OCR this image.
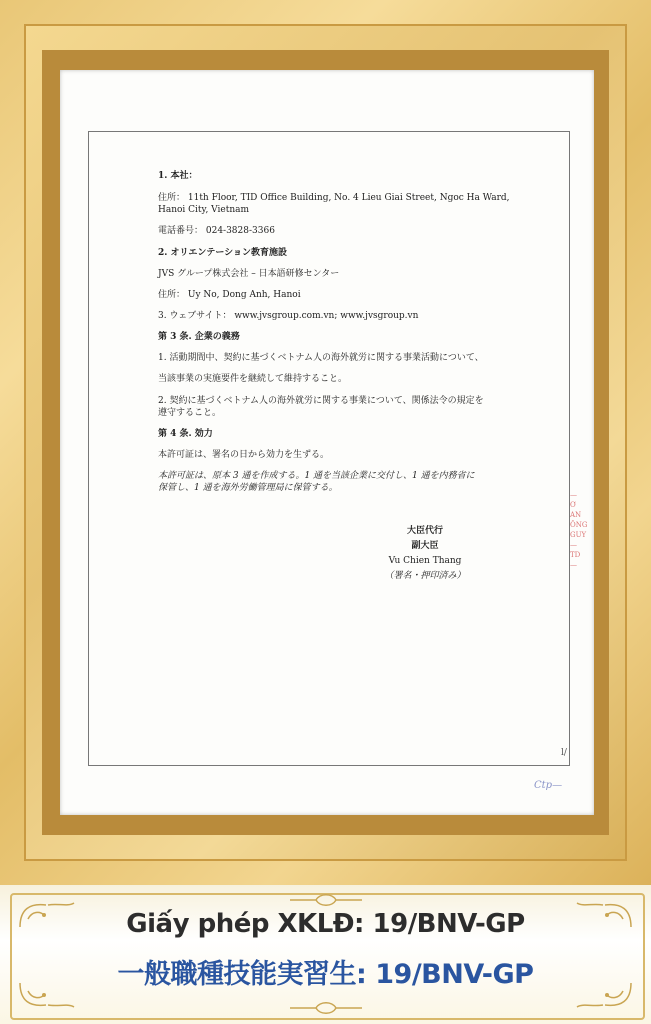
1. 本社：

住所： 11th Floor, TID Office Building, No. 4 Lieu Giai Street, Ngoc Ha Ward,

Hanoi City, Vietnam

電話番号： 024-3828-3366

2. オリエンテーション教育施設

JVS グループ株式会社 – 日本語研修センター

住所： Uy No, Dong Anh, Hanoi

3. ウェブサイト： www.jvsgroup.com.vn; www.jvsgroup.vn

第 3 条. 企業の義務

1. 活動期間中、契約に基づくベトナム人の海外就労に関する事業活動について、

当該事業の実施要件を継続して維持すること。

2. 契約に基づくベトナム人の海外就労に関する事業について、関係法令の規定を

遵守すること。

第 4 条. 効力

本許可証は、署名の日から効力を生ずる。

本許可証は、原本 3 通を作成する。1 通を当該企業に交付し、1 通を内務省に

保管し、1 通を海外労働管理局に保管する。

大臣代行
副大臣
Vu Chien Thang
（署名・押印済み）
—
Ơ
AN
ÔNG
GUY
—
TD
—
l/
Ctp—
Giấy phép XKLĐ: 19/BNV-GP
一般職種技能実習生: 19/BNV-GP
